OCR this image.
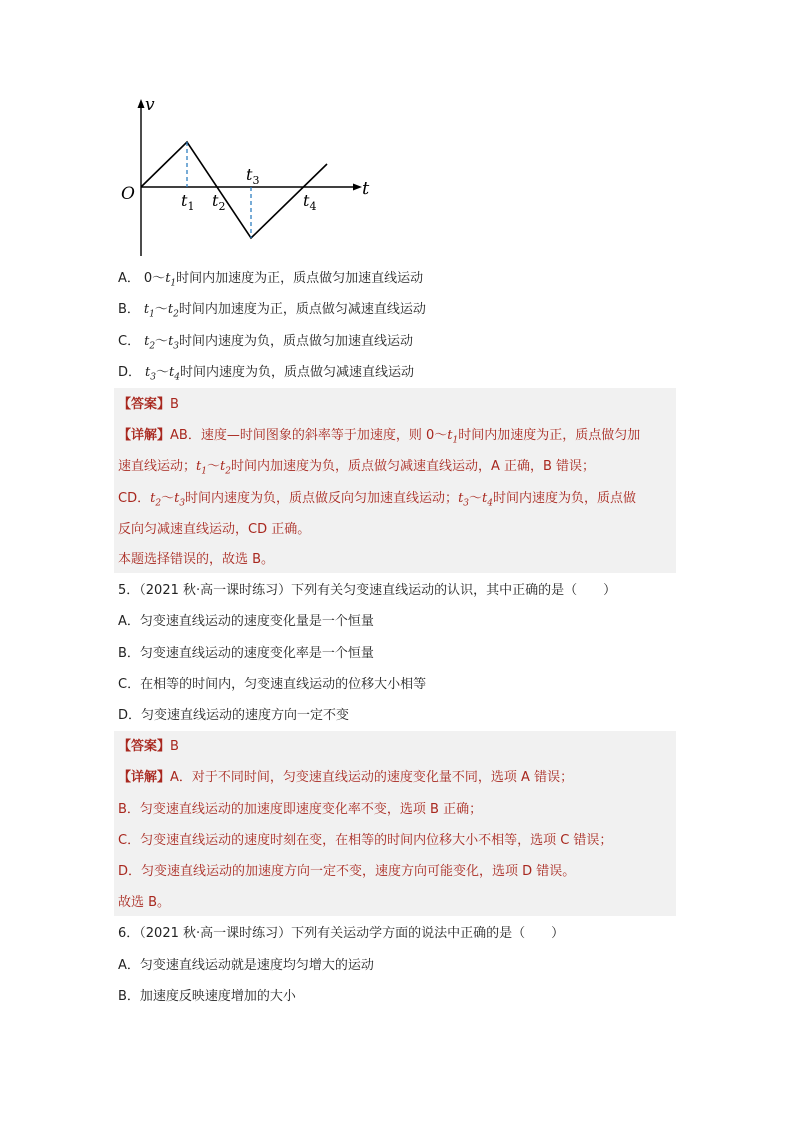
v
t
O	$t_1$ $t_2$
$t_3$
$t_4$
A． $0\sim t_1$时间内加速度为正，质点做匀加速直线运动
B． $t_1\sim t_2$时间内加速度为正，质点做匀减速直线运动
C． $t_2\sim t_3$时间内速度为负，质点做匀加速直线运动
D． $t_3\sim t_4$时间内速度为负，质点做匀减速直线运动
【答案】B
【详解】AB．速度—时间图象的斜率等于加速度，则 $0\sim t_1$时间内加速度为正，质点做匀加
速直线运动；$t_1\sim t_2$时间内加速度为负，质点做匀减速直线运动，A 正确，B 错误；
CD．$t_2\sim t_3$时间内速度为负，质点做反向匀加速直线运动；$t_3\sim t_4$时间内速度为负，质点做
反向匀减速直线运动，CD 正确。
本题选择错误的，故选 B。
5．（2021 秋·高一课时练习）下列有关匀变速直线运动的认识，其中正确的是（　　）
A．匀变速直线运动的速度变化量是一个恒量
B．匀变速直线运动的速度变化率是一个恒量
C．在相等的时间内，匀变速直线运动的位移大小相等
D．匀变速直线运动的速度方向一定不变
【答案】B
【详解】A．对于不同时间，匀变速直线运动的速度变化量不同，选项 A 错误；
B．匀变速直线运动的加速度即速度变化率不变，选项 B 正确；
C．匀变速直线运动的速度时刻在变，在相等的时间内位移大小不相等，选项 C 错误；
D．匀变速直线运动的加速度方向一定不变，速度方向可能变化，选项 D 错误。
故选 B。
6．（2021 秋·高一课时练习）下列有关运动学方面的说法中正确的是（　　）
A．匀变速直线运动就是速度均匀增大的运动
B．加速度反映速度增加的大小
